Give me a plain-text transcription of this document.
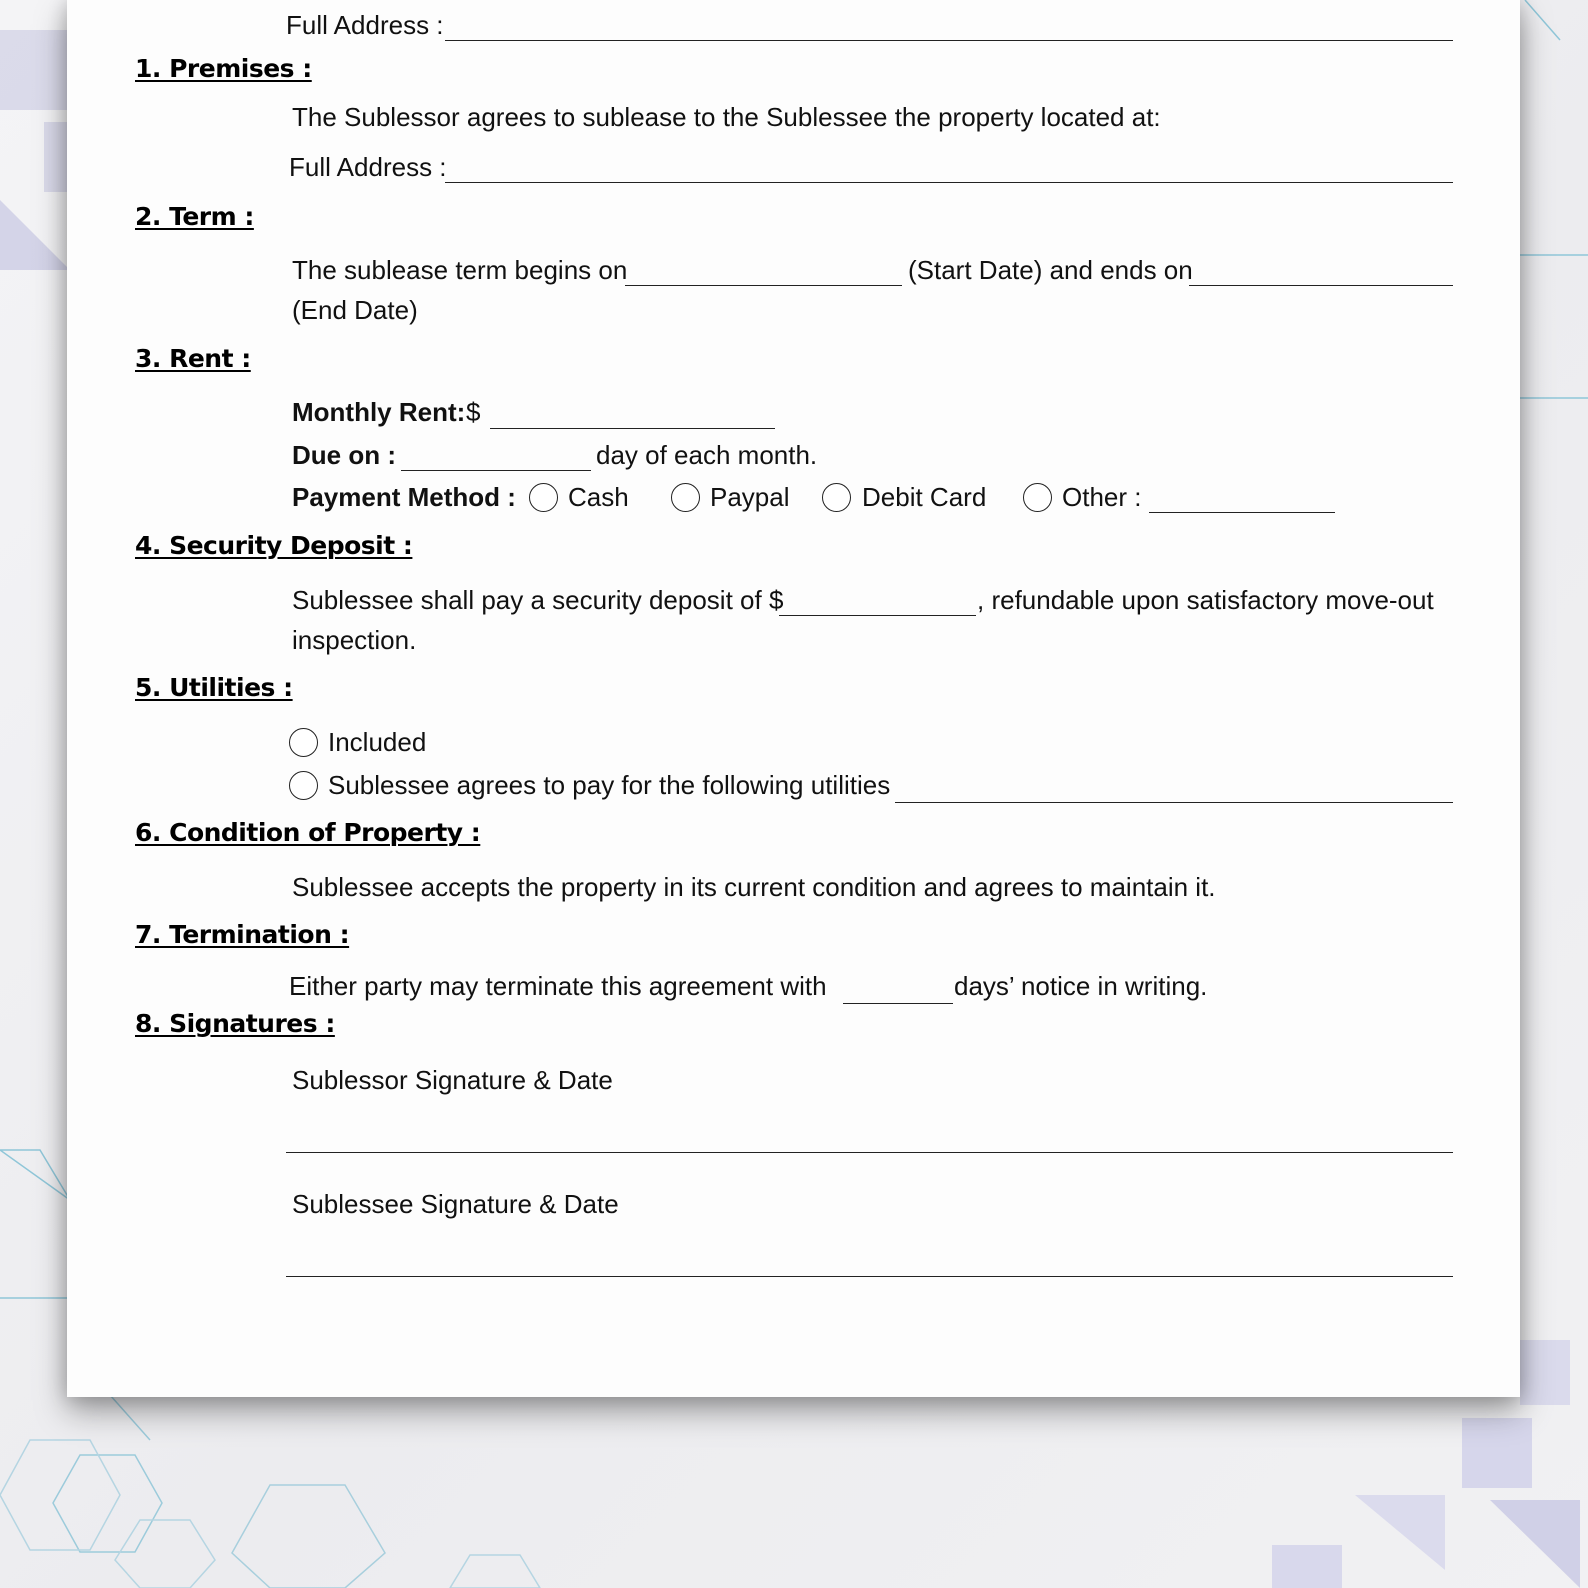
Full Address :
1. Premises :
The Sublessor agrees to sublease to the Sublessee the property located at:
Full Address :
2. Term :
The sublease term begins on	(Start Date) and ends on
(End Date)
3. Rent :
Monthly Rent: $
Due on :	day of each month.
Payment Method : Cash	Paypal	Debit Card	Other :
4. Security Deposit :
Sublessee shall pay a security deposit of $	, refundable upon satisfactory move-out
inspection.
5. Utilities :
Included
Sublessee agrees to pay for the following utilities
6. Condition of Property :
Sublessee accepts the property in its current condition and agrees to maintain it.
7. Termination :
Either party may terminate this agreement with	days’ notice in writing.
8. Signatures :
Sublessor Signature & Date
Sublessee Signature & Date
